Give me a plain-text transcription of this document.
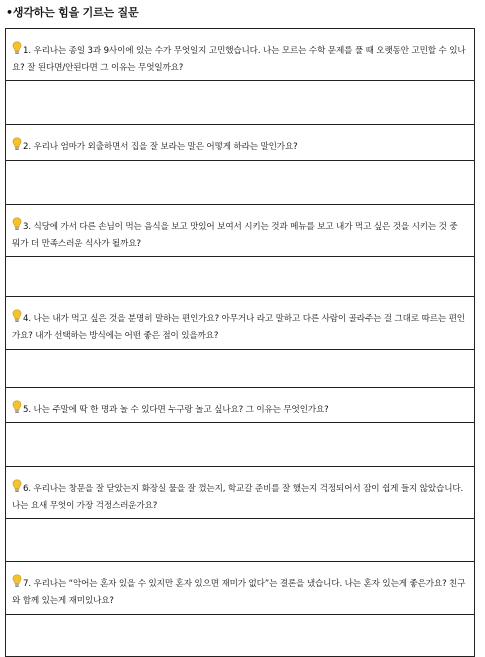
•생각하는 힘을 기르는 질문
1. 우리나는 종일 3과 9사이에 있는 수가 무엇일지 고민했습니다. 나는 모르는 수학 문제를 풀 때 오랫동안 고민할 수 있나요? 잘 된다면/안된다면 그 이유는 무엇일까요?
2. 우리나 엄마가 외출하면서 집을 잘 보라는 말은 어떻게 하라는 말인가요?
3. 식당에 가서 다른 손님이 먹는 음식을 보고 맛있어 보여서 시키는 것과 메뉴를 보고 내가 먹고 싶은 것을 시키는 것 중 뭐가 더 만족스러운 식사가 될까요?
4. 나는 내가 먹고 싶은 것을 분명히 말하는 편인가요? 아무거나 라고 말하고 다른 사람이 골라주는 걸 그대로 따르는 편인가요? 내가 선택하는 방식에는 어떤 좋은 점이 있을까요?
5. 나는 주말에 딱 한 명과 놀 수 있다면 누구랑 놀고 싶나요? 그 이유는 무엇인가요?
6. 우리나는 창문을 잘 닫았는지 화장실 물을 잘 껐는지, 학교갈 준비를 잘 했는지 걱정되어서 잠이 쉽게 들지 않았습니다. 나는 요새 무엇이 가장 걱정스러운가요?
7. 우리나는 “악어는 혼자 있을 수 있지만 혼자 있으면 재미가 없다”는 결론을 냈습니다. 나는 혼자 있는게 좋은가요? 친구와 함께 있는게 재미있나요?
